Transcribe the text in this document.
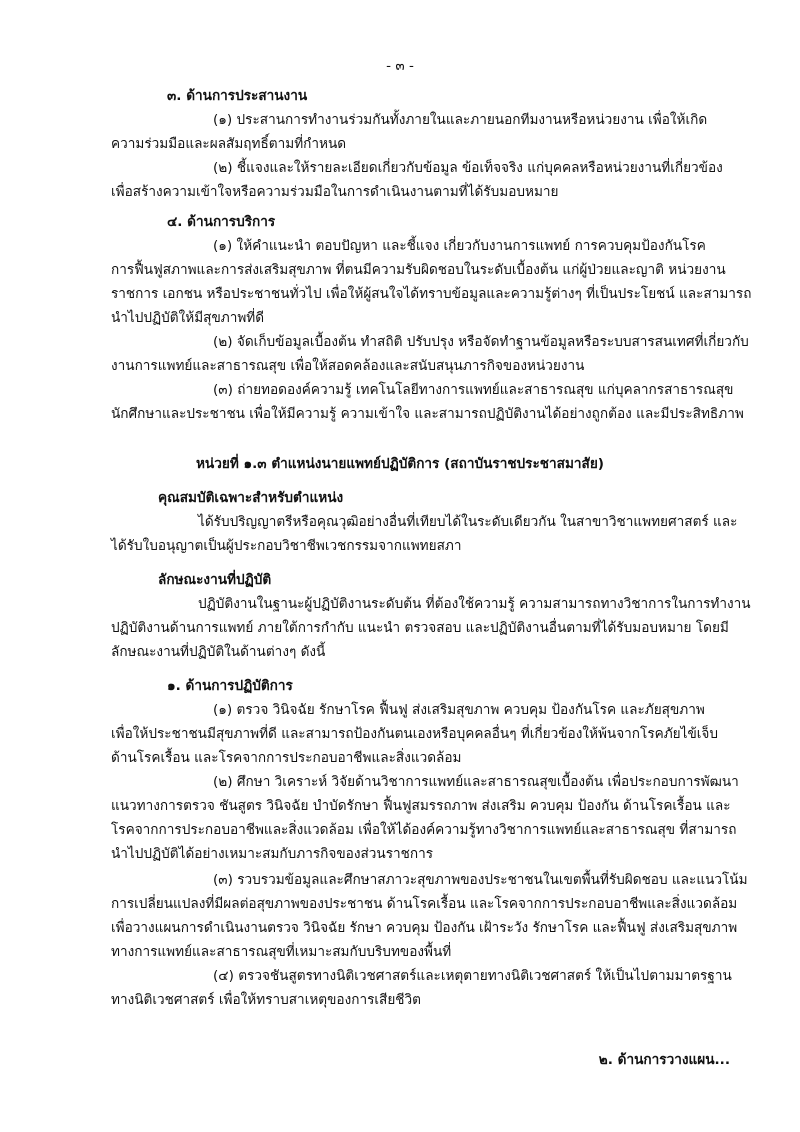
- ๓ -
๓. ด้านการประสานงาน
(๑) ประสานการทำงานร่วมกันทั้งภายในและภายนอกทีมงานหรือหน่วยงาน เพื่อให้เกิด
ความร่วมมือและผลสัมฤทธิ์ตามที่กำหนด
(๒) ชี้แจงและให้รายละเอียดเกี่ยวกับข้อมูล ข้อเท็จจริง แก่บุคคลหรือหน่วยงานที่เกี่ยวข้อง
เพื่อสร้างความเข้าใจหรือความร่วมมือในการดำเนินงานตามที่ได้รับมอบหมาย
๔. ด้านการบริการ
(๑) ให้คำแนะนำ ตอบปัญหา และชี้แจง เกี่ยวกับงานการแพทย์ การควบคุมป้องกันโรค
การฟื้นฟูสภาพและการส่งเสริมสุขภาพ ที่ตนมีความรับผิดชอบในระดับเบื้องต้น แก่ผู้ป่วยและญาติ หน่วยงาน
ราชการ เอกชน หรือประชาชนทั่วไป เพื่อให้ผู้สนใจได้ทราบข้อมูลและความรู้ต่างๆ ที่เป็นประโยชน์ และสามารถ
นำไปปฏิบัติให้มีสุขภาพที่ดี
(๒) จัดเก็บข้อมูลเบื้องต้น ทำสถิติ ปรับปรุง หรือจัดทำฐานข้อมูลหรือระบบสารสนเทศที่เกี่ยวกับ
งานการแพทย์และสาธารณสุข เพื่อให้สอดคล้องและสนับสนุนภารกิจของหน่วยงาน
(๓) ถ่ายทอดองค์ความรู้ เทคโนโลยีทางการแพทย์และสาธารณสุข แก่บุคลากรสาธารณสุข
นักศึกษาและประชาชน เพื่อให้มีความรู้ ความเข้าใจ และสามารถปฏิบัติงานได้อย่างถูกต้อง และมีประสิทธิภาพ
หน่วยที่ ๑.๓ ตำแหน่งนายแพทย์ปฏิบัติการ (สถาบันราชประชาสมาสัย)
คุณสมบัติเฉพาะสำหรับตำแหน่ง
ได้รับปริญญาตรีหรือคุณวุฒิอย่างอื่นที่เทียบได้ในระดับเดียวกัน ในสาขาวิชาแพทยศาสตร์ และ
ได้รับใบอนุญาตเป็นผู้ประกอบวิชาชีพเวชกรรมจากแพทยสภา
ลักษณะงานที่ปฏิบัติ
ปฏิบัติงานในฐานะผู้ปฏิบัติงานระดับต้น ที่ต้องใช้ความรู้ ความสามารถทางวิชาการในการทำงาน
ปฏิบัติงานด้านการแพทย์ ภายใต้การกำกับ แนะนำ ตรวจสอบ และปฏิบัติงานอื่นตามที่ได้รับมอบหมาย โดยมี
ลักษณะงานที่ปฏิบัติในด้านต่างๆ ดังนี้
๑. ด้านการปฏิบัติการ
(๑) ตรวจ วินิจฉัย รักษาโรค ฟื้นฟู ส่งเสริมสุขภาพ ควบคุม ป้องกันโรค และภัยสุขภาพ
เพื่อให้ประชาชนมีสุขภาพที่ดี และสามารถป้องกันตนเองหรือบุคคลอื่นๆ ที่เกี่ยวข้องให้พ้นจากโรคภัยไข้เจ็บ
ด้านโรคเรื้อน และโรคจากการประกอบอาชีพและสิ่งแวดล้อม
(๒) ศึกษา วิเคราะห์ วิจัยด้านวิชาการแพทย์และสาธารณสุขเบื้องต้น เพื่อประกอบการพัฒนา
แนวทางการตรวจ ชันสูตร วินิจฉัย บำบัดรักษา ฟื้นฟูสมรรถภาพ ส่งเสริม ควบคุม ป้องกัน ด้านโรคเรื้อน และ
โรคจากการประกอบอาชีพและสิ่งแวดล้อม เพื่อให้ได้องค์ความรู้ทางวิชาการแพทย์และสาธารณสุข ที่สามารถ
นำไปปฏิบัติได้อย่างเหมาะสมกับภารกิจของส่วนราชการ
(๓) รวบรวมข้อมูลและศึกษาสภาวะสุขภาพของประชาชนในเขตพื้นที่รับผิดชอบ และแนวโน้ม
การเปลี่ยนแปลงที่มีผลต่อสุขภาพของประชาชน ด้านโรคเรื้อน และโรคจากการประกอบอาชีพและสิ่งแวดล้อม
เพื่อวางแผนการดำเนินงานตรวจ วินิจฉัย รักษา ควบคุม ป้องกัน เฝ้าระวัง รักษาโรค และฟื้นฟู ส่งเสริมสุขภาพ
ทางการแพทย์และสาธารณสุขที่เหมาะสมกับบริบทของพื้นที่
(๔) ตรวจชันสูตรทางนิติเวชศาสตร์และเหตุตายทางนิติเวชศาสตร์ ให้เป็นไปตามมาตรฐาน
ทางนิติเวชศาสตร์ เพื่อให้ทราบสาเหตุของการเสียชีวิต
๒. ด้านการวางแผน...
